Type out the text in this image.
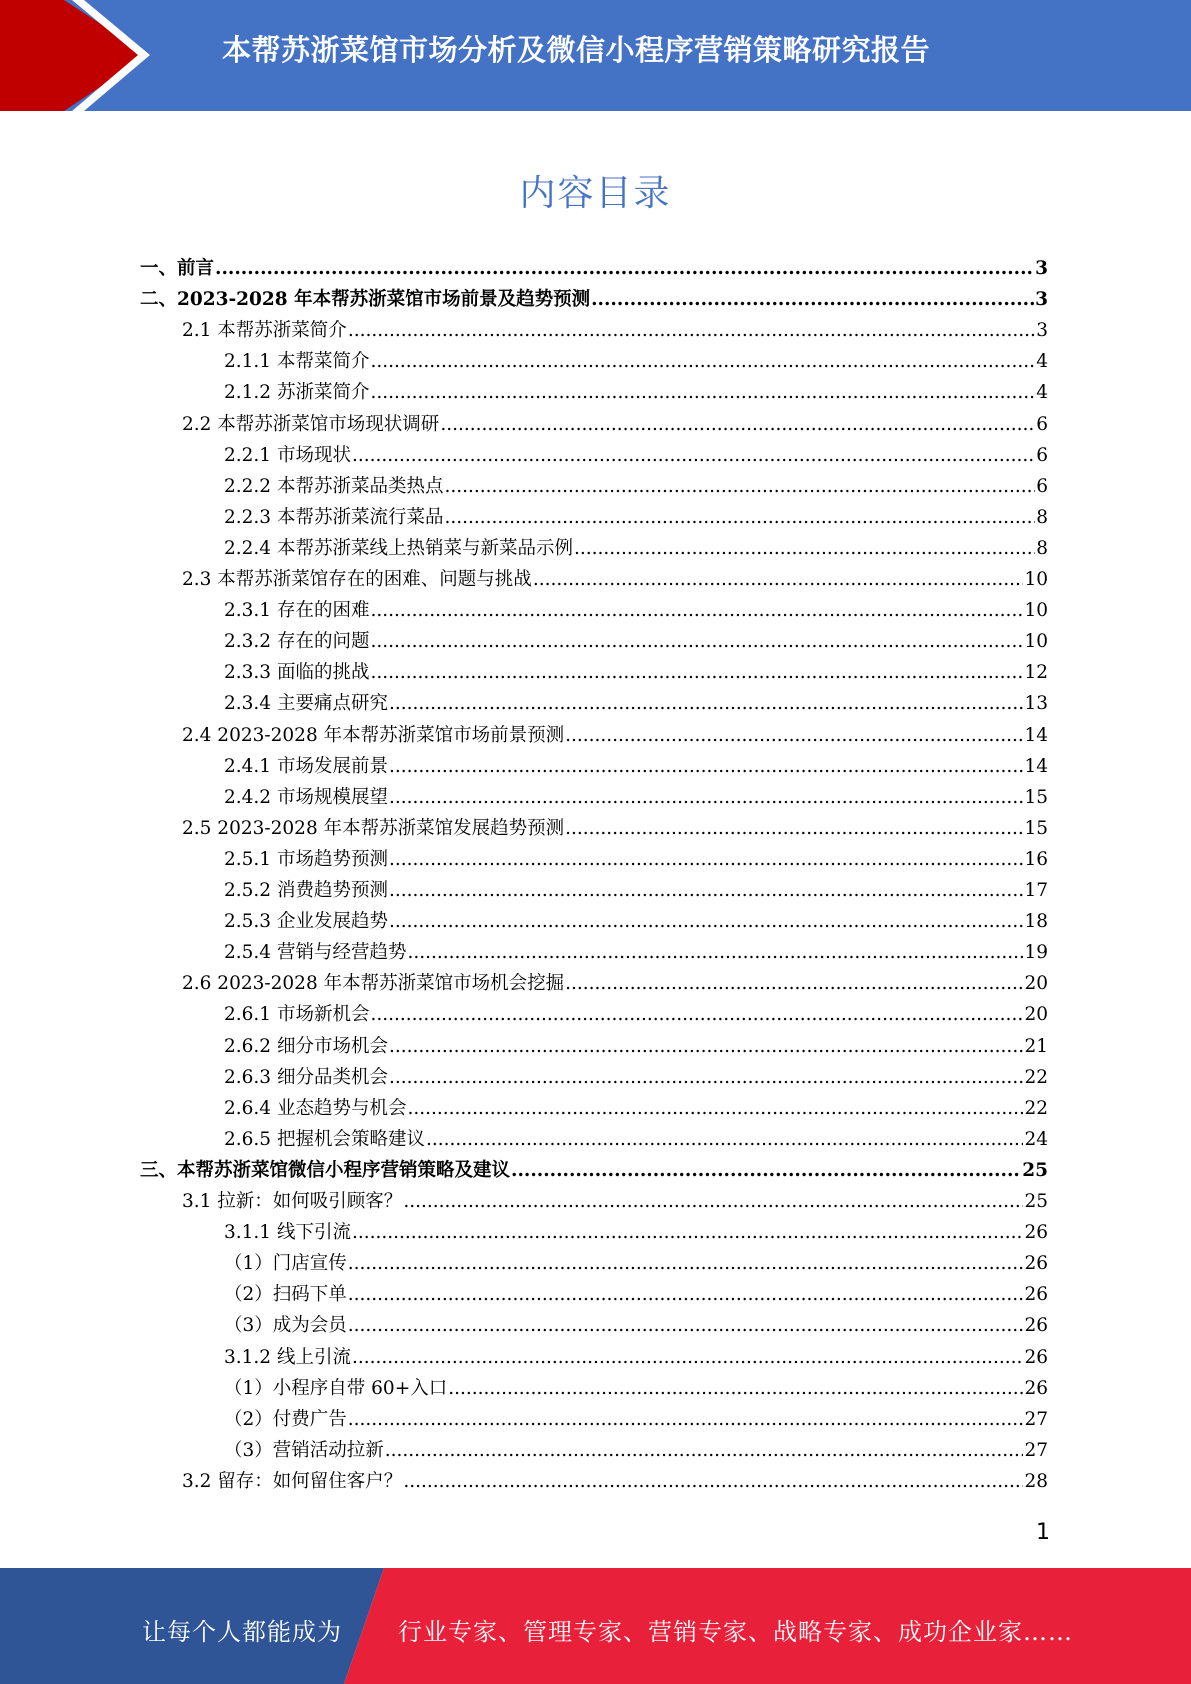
本帮苏浙菜馆市场分析及微信小程序营销策略研究报告
内容目录
一、前言 .....	3
二、2023-2028 年本帮苏浙菜馆市场前景及趋势预测 .....	3
2.1 本帮苏浙菜简介 .....	3
2.1.1 本帮菜简介 .....	4
2.1.2 苏浙菜简介 .....	4
2.2 本帮苏浙菜馆市场现状调研 .....	6
2.2.1 市场现状 .....	6
2.2.2 本帮苏浙菜品类热点 .....	6
2.2.3 本帮苏浙菜流行菜品 .....	8
2.2.4 本帮苏浙菜线上热销菜与新菜品示例 .....	8
2.3 本帮苏浙菜馆存在的困难、问题与挑战 .....	10
2.3.1 存在的困难 .....	10
2.3.2 存在的问题 .....	10
2.3.3 面临的挑战 .....	12
2.3.4 主要痛点研究 .....	13
2.4 2023-2028 年本帮苏浙菜馆市场前景预测 .....	14
2.4.1 市场发展前景 .....	14
2.4.2 市场规模展望 .....	15
2.5 2023-2028 年本帮苏浙菜馆发展趋势预测 .....	15
2.5.1 市场趋势预测 .....	16
2.5.2 消费趋势预测 .....	17
2.5.3 企业发展趋势 .....	18
2.5.4 营销与经营趋势 .....	19
2.6 2023-2028 年本帮苏浙菜馆市场机会挖掘 .....	20
2.6.1 市场新机会 .....	20
2.6.2 细分市场机会 .....	21
2.6.3 细分品类机会 .....	22
2.6.4 业态趋势与机会 .....	22
2.6.5 把握机会策略建议 .....	24
三、本帮苏浙菜馆微信小程序营销策略及建议 .....	25
3.1 拉新：如何吸引顾客？ .....	25
3.1.1 线下引流 .....	26
（1）门店宣传 .....	26
（2）扫码下单 .....	26
（3）成为会员 .....	26
3.1.2 线上引流 .....	26
（1）小程序自带 60+入口 .....	26
（2）付费广告 .....	27
（3）营销活动拉新 .....	27
3.2 留存：如何留住客户？ .....	28
1
让每个人都能成为 行业专家、管理专家、营销专家、战略专家、成功企业家……
